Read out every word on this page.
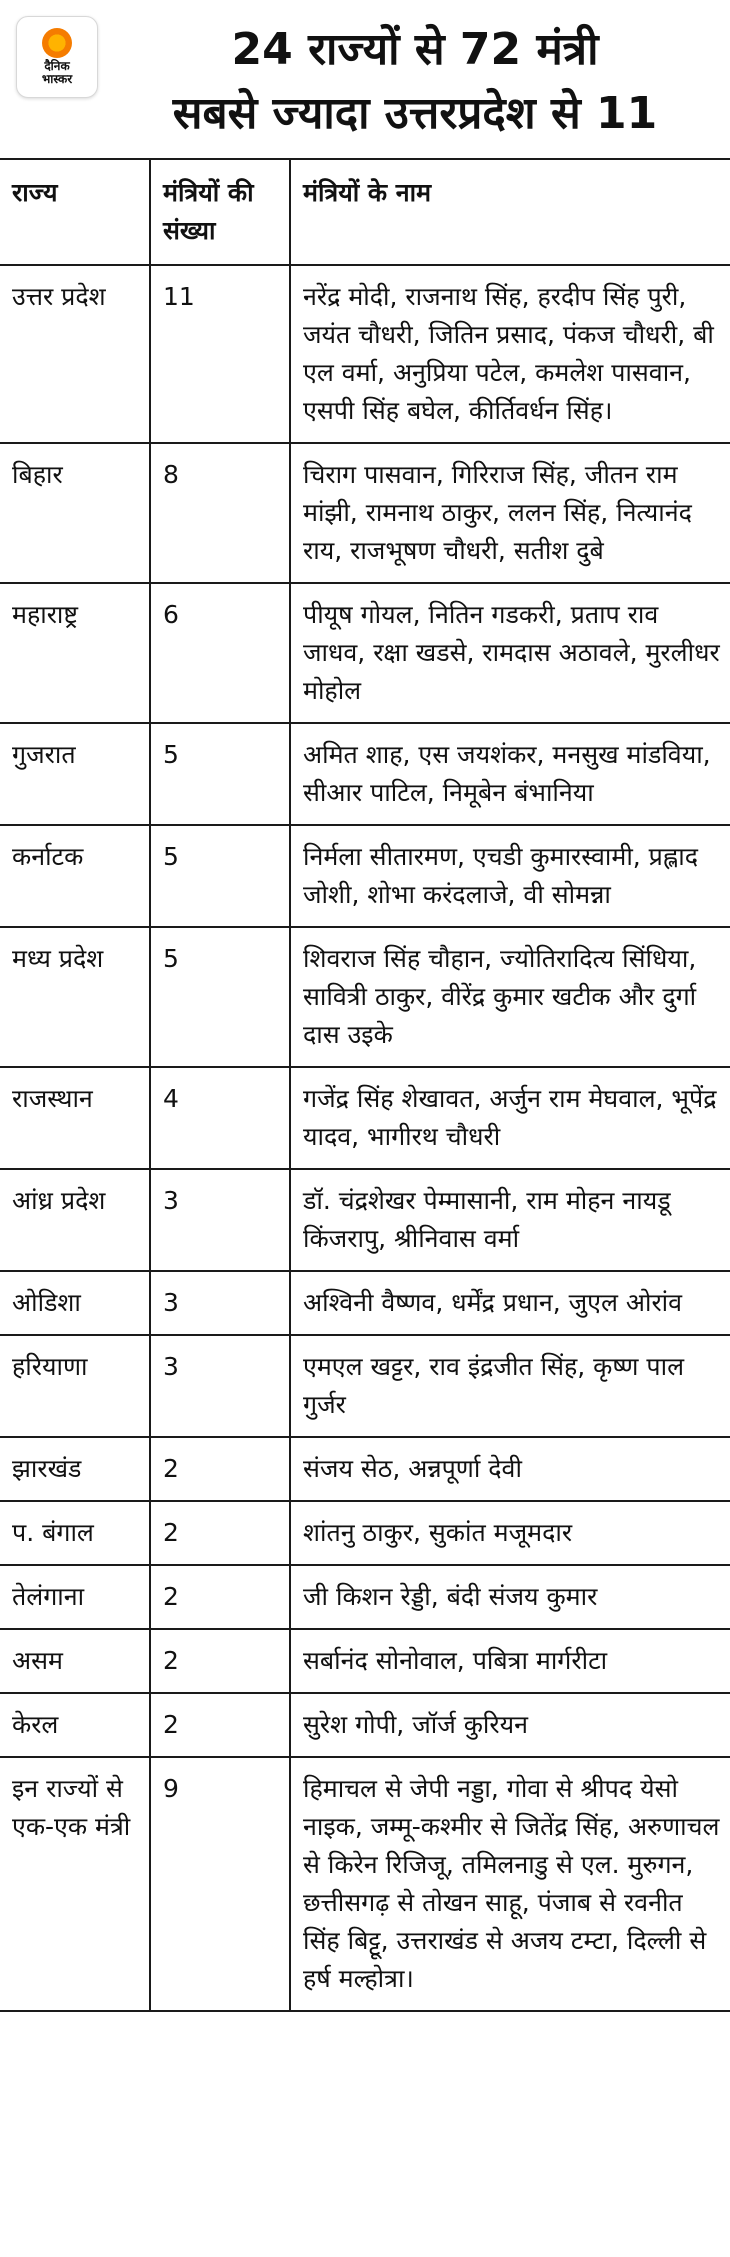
दैनिक
भास्कर
24 राज्यों से 72 मंत्री
सबसे ज्यादा उत्तरप्रदेश से 11
राज्य	मंत्रियों की संख्या	मंत्रियों के नाम
उत्तर प्रदेश	11	नरेंद्र मोदी, राजनाथ सिंह, हरदीप सिंह पुरी, जयंत चौधरी, जितिन प्रसाद, पंकज चौधरी, बी एल वर्मा, अनुप्रिया पटेल, कमलेश पासवान, एसपी सिंह बघेल, कीर्तिवर्धन सिंह।
बिहार	8	चिराग पासवान, गिरिराज सिंह, जीतन राम मांझी, रामनाथ ठाकुर, ललन सिंह, नित्यानंद राय, राजभूषण चौधरी, सतीश दुबे
महाराष्ट्र	6	पीयूष गोयल, नितिन गडकरी, प्रताप राव जाधव, रक्षा खडसे, रामदास अठावले, मुरलीधर मोहोल
गुजरात	5	अमित शाह, एस जयशंकर, मनसुख मांडविया, सीआर पाटिल, निमूबेन बंभानिया
कर्नाटक	5	निर्मला सीतारमण, एचडी कुमारस्वामी, प्रह्लाद जोशी, शोभा करंदलाजे, वी सोमन्ना
मध्य प्रदेश	5	शिवराज सिंह चौहान, ज्योतिरादित्य सिंधिया, सावित्री ठाकुर, वीरेंद्र कुमार खटीक और दुर्गा दास उइके
राजस्थान	4	गजेंद्र सिंह शेखावत, अर्जुन राम मेघवाल, भूपेंद्र यादव, भागीरथ चौधरी
आंध्र प्रदेश	3	डॉ. चंद्रशेखर पेम्मासानी, राम मोहन नायडू किंजरापु, श्रीनिवास वर्मा
ओडिशा	3	अश्विनी वैष्णव, धर्मेंद्र प्रधान, जुएल ओरांव
हरियाणा	3	एमएल खट्टर, राव इंद्रजीत सिंह, कृष्ण पाल गुर्जर
झारखंड	2	संजय सेठ, अन्नपूर्णा देवी
प. बंगाल	2	शांतनु ठाकुर, सुकांत मजूमदार
तेलंगाना	2	जी किशन रेड्डी, बंदी संजय कुमार
असम	2	सर्बानंद सोनोवाल, पबित्रा मार्गरीटा
केरल	2	सुरेश गोपी, जॉर्ज कुरियन
इन राज्यों से एक-एक मंत्री	9	हिमाचल से जेपी नड्डा, गोवा से श्रीपद येसो नाइक, जम्मू-कश्मीर से जितेंद्र सिंह, अरुणाचल से किरेन रिजिजू, तमिलनाडु से एल. मुरुगन, छत्तीसगढ़ से तोखन साहू, पंजाब से रवनीत सिंह बिट्टू, उत्तराखंड से अजय टम्टा, दिल्ली से हर्ष मल्होत्रा।
